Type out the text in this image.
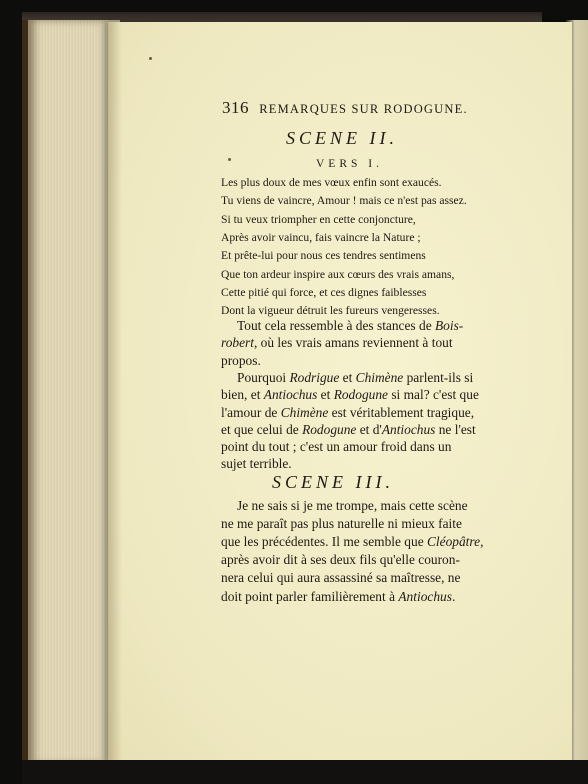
316 REMARQUES SUR RODOGUNE.
SCENE II.
VERS I.
Les plus doux de mes vœux enfin sont exaucés.
Tu viens de vaincre, Amour ! mais ce n'est pas assez.
Si tu veux triompher en cette conjoncture,
Après avoir vaincu, fais vaincre la Nature ;
Et prête-lui pour nous ces tendres sentimens
Que ton ardeur inspire aux cœurs des vrais amans,
Cette pitié qui force, et ces dignes faiblesses
Dont la vigueur détruit les fureurs vengeresses.
Tout cela ressemble à des stances de Bois-
robert, où les vrais amans reviennent à tout
propos.
Pourquoi Rodrigue et Chimène parlent-ils si
bien, et Antiochus et Rodogune si mal? c'est que
l'amour de Chimène est véritablement tragique,
et que celui de Rodogune et d'Antiochus ne l'est
point du tout ; c'est un amour froid dans un
sujet terrible.
SCENE III.
Je ne sais si je me trompe, mais cette scène
ne me paraît pas plus naturelle ni mieux faite
que les précédentes. Il me semble que Cléopâtre,
après avoir dit à ses deux fils qu'elle couron-
nera celui qui aura assassiné sa maîtresse, ne
doit point parler familièrement à Antiochus.
